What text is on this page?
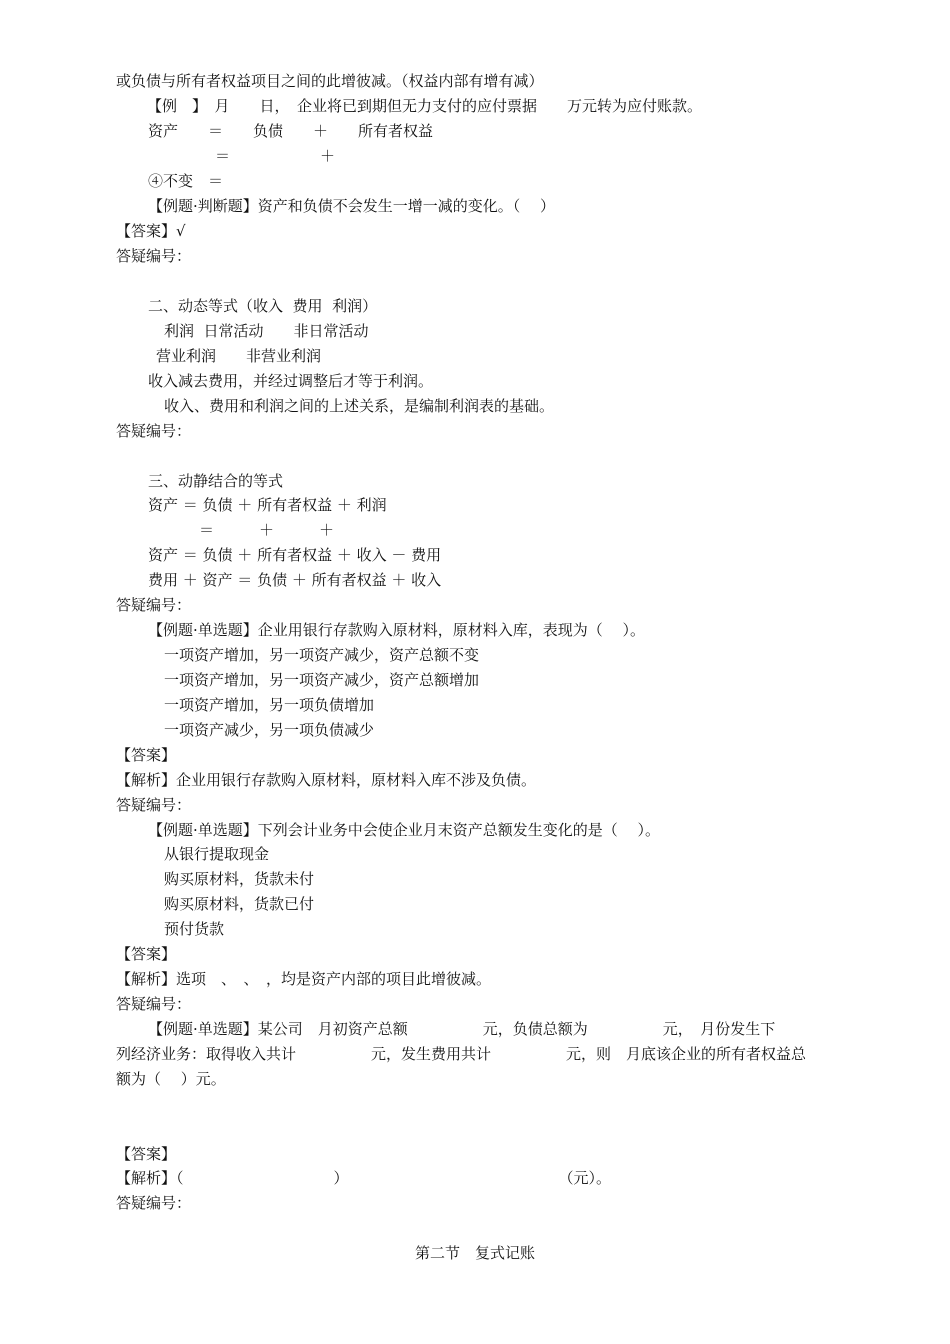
或负债与所有者权益项目之间的此增彼减。（权益内部有增有减）
【例　】　月　　日，　企业将已到期但无力支付的应付票据　　万元转为应付账款。
资产　　＝　　负债　　＋　　所有者权益
＝　　　　　　＋
④不变　＝
【例题·判断题】资产和负债不会发生一增一减的变化。（　 ）
【答案】√
答疑编号：
二、动态等式（收入  费用  利润）
利润  日常活动　　非日常活动
营业利润　　非营业利润
收入减去费用，并经过调整后才等于利润。
收入、费用和利润之间的上述关系，是编制利润表的基础。
答疑编号：
三、动静结合的等式
资产 ＝ 负债 ＋ 所有者权益 ＋ 利润
＝　　　＋　　　＋
资产 ＝ 负债 ＋ 所有者权益 ＋ 收入 － 费用
费用 ＋ 资产 ＝ 负债 ＋ 所有者权益 ＋ 收入
答疑编号：
【例题·单选题】企业用银行存款购入原材料，原材料入库，表现为（　 ）。
一项资产增加，另一项资产减少，资产总额不变
一项资产增加，另一项资产减少，资产总额增加
一项资产增加，另一项负债增加
一项资产减少，另一项负债减少
【答案】
【解析】企业用银行存款购入原材料，原材料入库不涉及负债。
答疑编号：
【例题·单选题】下列会计业务中会使企业月末资产总额发生变化的是（　 ）。
从银行提取现金
购买原材料，货款未付
购买原材料，货款已付
预付货款
【答案】
【解析】选项　、　、　，均是资产内部的项目此增彼减。
答疑编号：
【例题·单选题】某公司　月初资产总额　　　　　元，负债总额为　　　　　元，　月份发生下
列经济业务：取得收入共计　　　　　元，发生费用共计　　　　　元，则　月底该企业的所有者权益总
额为（　 ）元。
【答案】
【解析】（　　　　　　　　　　）　　　　　　　　　　　　　　　（元）。
答疑编号：
第二节　复式记账
